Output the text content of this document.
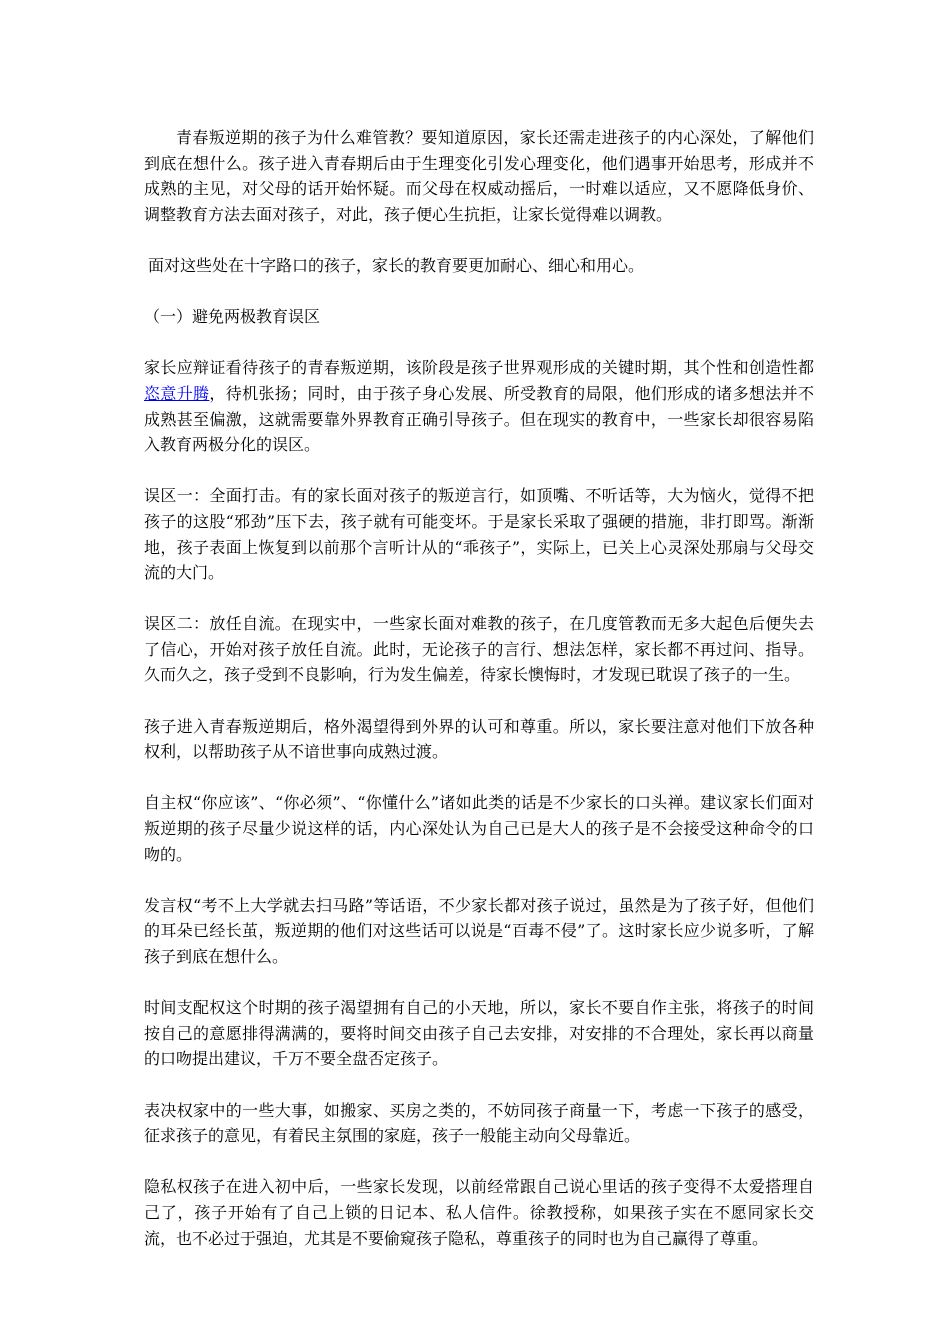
青春叛逆期的孩子为什么难管教？要知道原因，家长还需走进孩子的内心深处，了解他们到底在想什么。孩子进入青春期后由于生理变化引发心理变化，他们遇事开始思考，形成并不成熟的主见，对父母的话开始怀疑。而父母在权威动摇后，一时难以适应，又不愿降低身价、调整教育方法去面对孩子，对此，孩子便心生抗拒，让家长觉得难以调教。

面对这些处在十字路口的孩子，家长的教育要更加耐心、细心和用心。

（一）避免两极教育误区

家长应辩证看待孩子的青春叛逆期，该阶段是孩子世界观形成的关键时期，其个性和创造性都恣意升腾，待机张扬；同时，由于孩子身心发展、所受教育的局限，他们形成的诸多想法并不成熟甚至偏激，这就需要靠外界教育正确引导孩子。但在现实的教育中，一些家长却很容易陷入教育两极分化的误区。

误区一：全面打击。有的家长面对孩子的叛逆言行，如顶嘴、不听话等，大为恼火，觉得不把孩子的这股“邪劲”压下去，孩子就有可能变坏。于是家长采取了强硬的措施，非打即骂。渐渐地，孩子表面上恢复到以前那个言听计从的“乖孩子”，实际上，已关上心灵深处那扇与父母交流的大门。

误区二：放任自流。在现实中，一些家长面对难教的孩子，在几度管教而无多大起色后便失去了信心，开始对孩子放任自流。此时，无论孩子的言行、想法怎样，家长都不再过问、指导。久而久之，孩子受到不良影响，行为发生偏差，待家长懊悔时，才发现已耽误了孩子的一生。

孩子进入青春叛逆期后，格外渴望得到外界的认可和尊重。所以，家长要注意对他们下放各种权利，以帮助孩子从不谙世事向成熟过渡。

自主权“你应该”、“你必须”、“你懂什么”诸如此类的话是不少家长的口头禅。建议家长们面对叛逆期的孩子尽量少说这样的话，内心深处认为自己已是大人的孩子是不会接受这种命令的口吻的。

发言权“考不上大学就去扫马路”等话语，不少家长都对孩子说过，虽然是为了孩子好，但他们的耳朵已经长茧，叛逆期的他们对这些话可以说是“百毒不侵”了。这时家长应少说多听，了解孩子到底在想什么。

时间支配权这个时期的孩子渴望拥有自己的小天地，所以，家长不要自作主张，将孩子的时间按自己的意愿排得满满的，要将时间交由孩子自己去安排，对安排的不合理处，家长再以商量的口吻提出建议，千万不要全盘否定孩子。

表决权家中的一些大事，如搬家、买房之类的，不妨同孩子商量一下，考虑一下孩子的感受，征求孩子的意见，有着民主氛围的家庭，孩子一般能主动向父母靠近。

隐私权孩子在进入初中后，一些家长发现，以前经常跟自己说心里话的孩子变得不太爱搭理自己了，孩子开始有了自己上锁的日记本、私人信件。徐教授称，如果孩子实在不愿同家长交流，也不必过于强迫，尤其是不要偷窥孩子隐私，尊重孩子的同时也为自己赢得了尊重。
